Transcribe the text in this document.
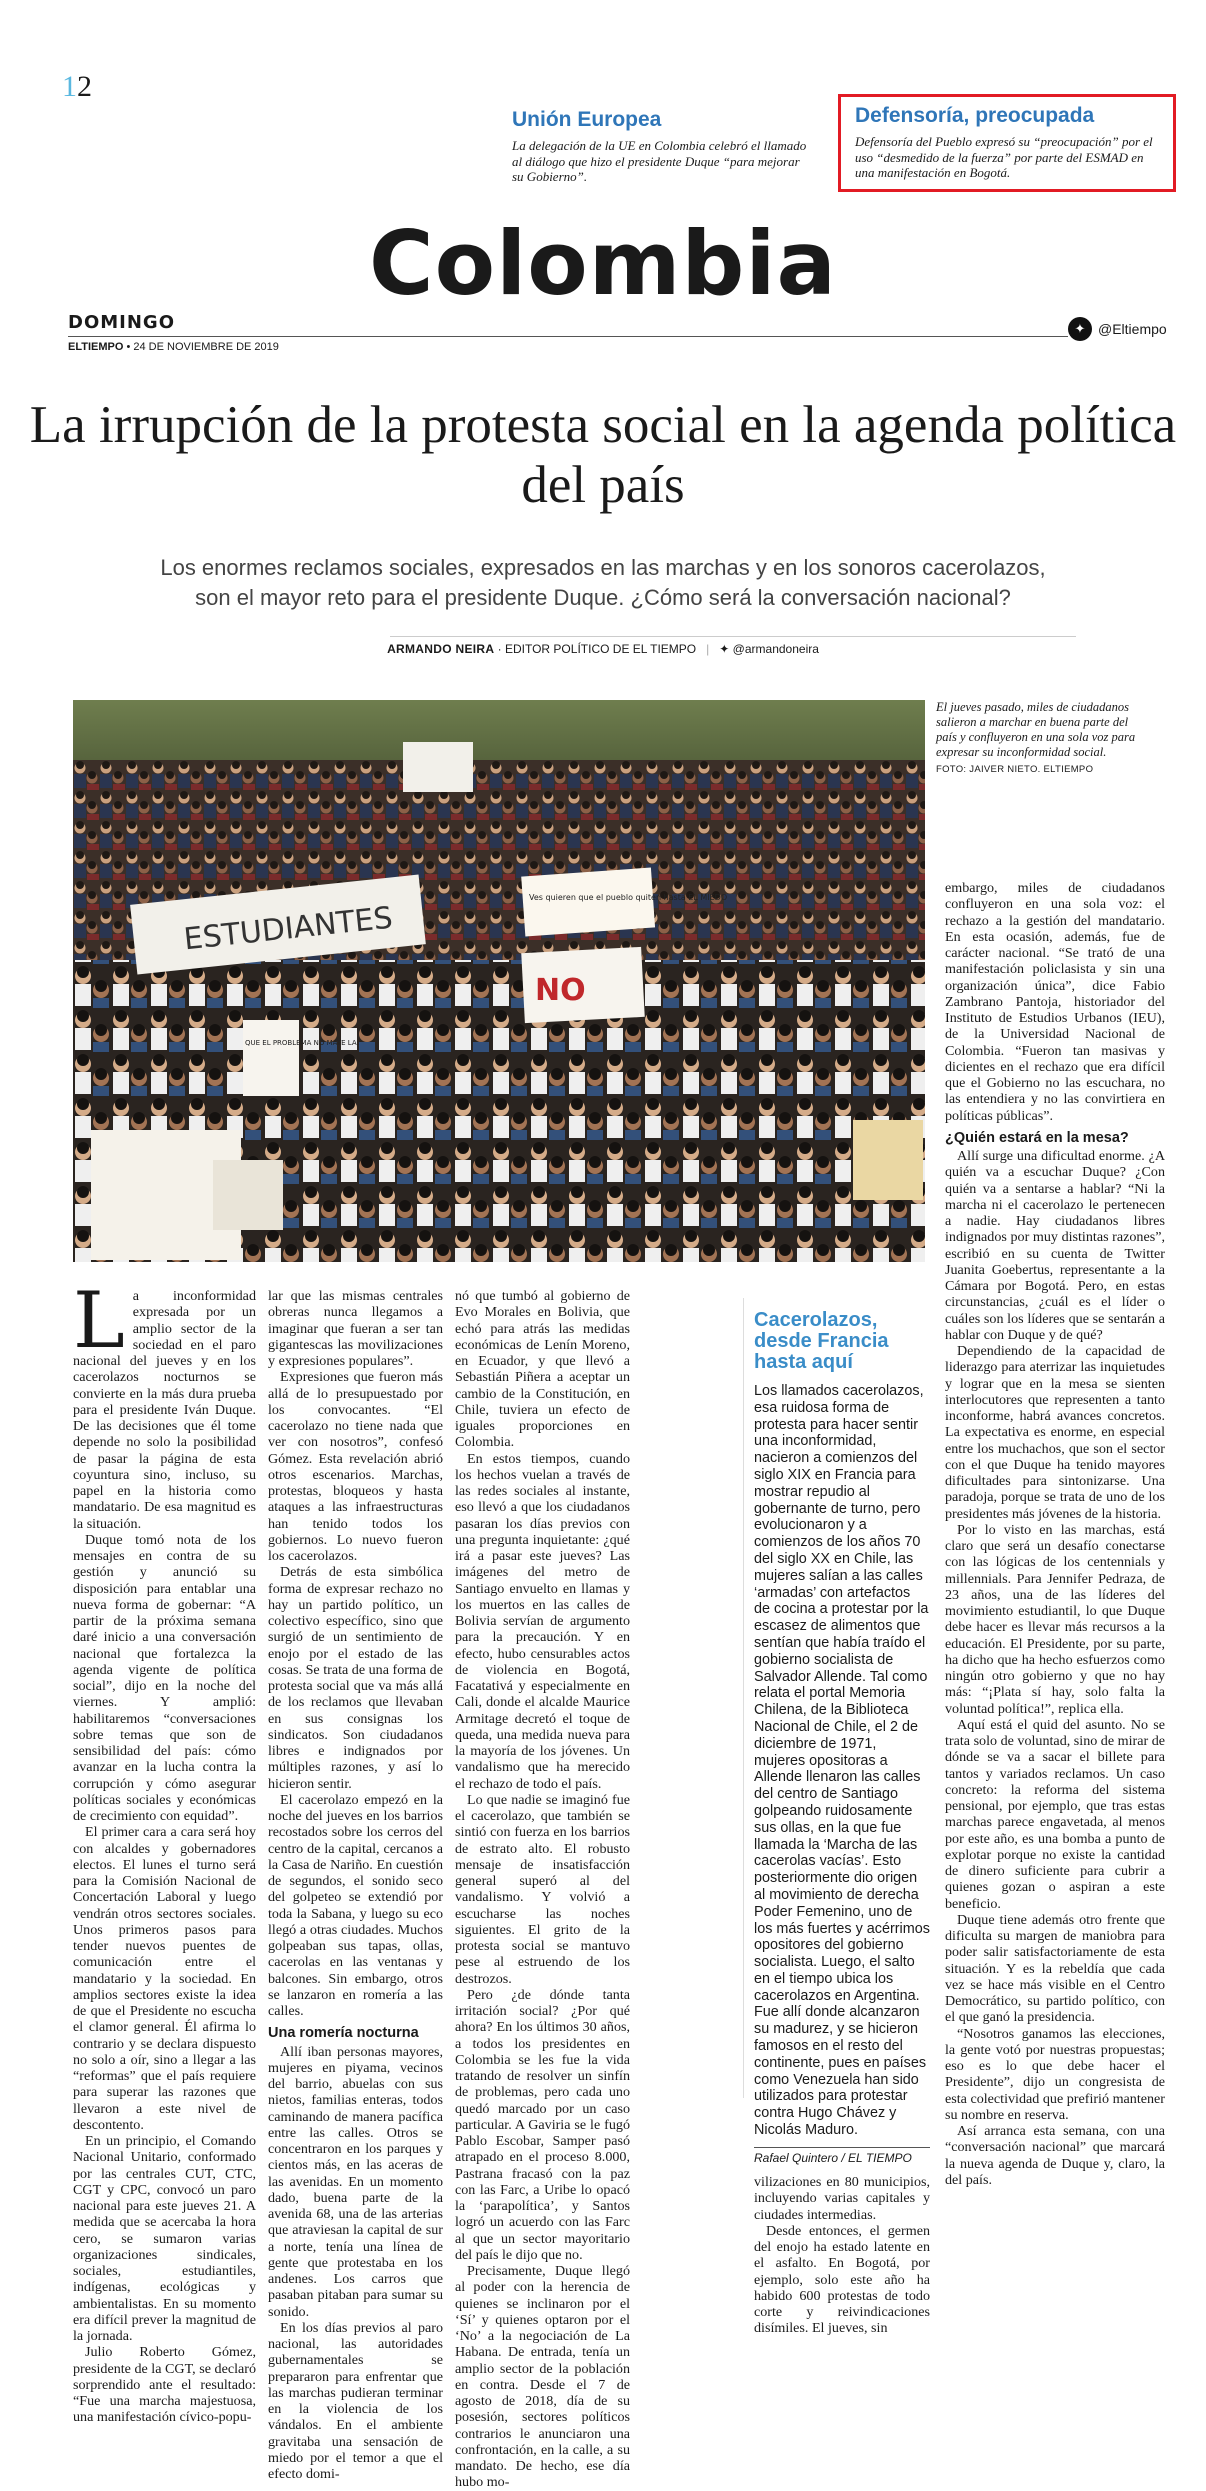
12
Unión Europea

La delegación de la UE en Colombia celebró el llamado al diálogo que hizo el presidente Duque “para mejorar su Gobierno”.

Defensoría, preocupada

Defensoría del Pueblo expresó su “preocupación” por el uso “desmedido de la fuerza” por parte del ESMAD en una manifestación en Bogotá.

Colombia
DOMINGO
ELTIEMPO • 24 DE NOVIEMBRE DE 2019
✦ @Eltiempo
La irrupción de la protesta social en la agenda política del país
Los enormes reclamos sociales, expresados en las marchas y en los sonoros cacerolazos, son el mayor reto para el presidente Duque. ¿Cómo será la conversación nacional?
ARMANDO NEIRA · EDITOR POLÍTICO DE EL TIEMPO | ✦ @armandoneira
ESTUDIANTES
NO
QUE EL PROBLEMA NO MATE LA
Ves quieren que el pueblo quiten hasta EL MIEDO
El jueves pasado, miles de ciudadanos salieron a marchar en buena parte del país y confluyeron en una sola voz para expresar su inconformidad social.
FOTO: JAIVER NIETO. ELTIEMPO

La inconformidad expresada por un amplio sector de la sociedad en el paro nacional del jueves y en los cacerolazos nocturnos se convierte en la más dura prueba para el presidente Iván Duque. De las decisiones que él tome depende no solo la posibilidad de pasar la página de esta coyuntura sino, incluso, su papel en la historia como mandatario. De esa magnitud es la situación.

Duque tomó nota de los mensajes en contra de su gestión y anunció su disposición para entablar una nueva forma de gobernar: “A partir de la próxima semana daré inicio a una conversación nacional que fortalezca la agenda vigente de política social”, dijo en la noche del viernes. Y amplió: habilitaremos “conversaciones sobre temas que son de sensibilidad del país: cómo avanzar en la lucha contra la corrupción y cómo asegurar políticas sociales y económicas de crecimiento con equidad”.

El primer cara a cara será hoy con alcaldes y gobernadores electos. El lunes el turno será para la Comisión Nacional de Concertación Laboral y luego vendrán otros sectores sociales. Unos primeros pasos para tender nuevos puentes de comunicación entre el mandatario y la sociedad. En amplios sectores existe la idea de que el Presidente no escucha el clamor general. Él afirma lo contrario y se declara dispuesto no solo a oír, sino a llegar a las “reformas” que el país requiere para superar las razones que llevaron a este nivel de descontento.

En un principio, el Comando Nacional Unitario, conformado por las centrales CUT, CTC, CGT y CPC, convocó un paro nacional para este jueves 21. A medida que se acercaba la hora cero, se sumaron varias organizaciones sindicales, sociales, estudiantiles, indígenas, ecológicas y ambientalistas. En su momento era difícil prever la magnitud de la jornada.

Julio Roberto Gómez, presidente de la CGT, se declaró sorprendido ante el resultado: “Fue una marcha majestuosa, una manifestación cívico-popu-

lar que las mismas centrales obreras nunca llegamos a imaginar que fueran a ser tan gigantescas las movilizaciones y expresiones populares”.

Expresiones que fueron más allá de lo presupuestado por los convocantes. “El cacerolazo no tiene nada que ver con nosotros”, confesó Gómez. Esta revelación abrió otros escenarios. Marchas, protestas, bloqueos y hasta ataques a las infraestructuras han tenido todos los gobiernos. Lo nuevo fueron los cacerolazos.

Detrás de esta simbólica forma de expresar rechazo no hay un partido político, un colectivo específico, sino que surgió de un sentimiento de enojo por el estado de las cosas. Se trata de una forma de protesta social que va más allá de los reclamos que llevaban en sus consignas los sindicatos. Son ciudadanos libres e indignados por múltiples razones, y así lo hicieron sentir.

El cacerolazo empezó en la noche del jueves en los barrios recostados sobre los cerros del centro de la capital, cercanos a la Casa de Nariño. En cuestión de segundos, el sonido seco del golpeteo se extendió por toda la Sabana, y luego su eco llegó a otras ciudades. Muchos golpeaban sus tapas, ollas, cacerolas en las ventanas y balcones. Sin embargo, otros se lanzaron en romería a las calles.

Una romería nocturna

Allí iban personas mayores, mujeres en piyama, vecinos del barrio, abuelas con sus nietos, familias enteras, todos caminando de manera pacífica entre las calles. Otros se concentraron en los parques y cientos más, en las aceras de las avenidas. En un momento dado, buena parte de la avenida 68, una de las arterias que atraviesan la capital de sur a norte, tenía una línea de gente que protestaba en los andenes. Los carros que pasaban pitaban para sumar su sonido.

En los días previos al paro nacional, las autoridades gubernamentales se prepararon para enfrentar que las marchas pudieran terminar en la violencia de los vándalos. En el ambiente gravitaba una sensación de miedo por el temor a que el efecto domi-

nó que tumbó al gobierno de Evo Morales en Bolivia, que echó para atrás las medidas económicas de Lenín Moreno, en Ecuador, y que llevó a Sebastián Piñera a aceptar un cambio de la Constitución, en Chile, tuviera un efecto de iguales proporciones en Colombia.

En estos tiempos, cuando los hechos vuelan a través de las redes sociales al instante, eso llevó a que los ciudadanos pasaran los días previos con una pregunta inquietante: ¿qué irá a pasar este jueves? Las imágenes del metro de Santiago envuelto en llamas y los muertos en las calles de Bolivia servían de argumento para la precaución. Y en efecto, hubo censurables actos de violencia en Bogotá, Facatativá y especialmente en Cali, donde el alcalde Maurice Armitage decretó el toque de queda, una medida nueva para la mayoría de los jóvenes. Un vandalismo que ha merecido el rechazo de todo el país.

Lo que nadie se imaginó fue el cacerolazo, que también se sintió con fuerza en los barrios de estrato alto. El robusto mensaje de insatisfacción general superó al del vandalismo. Y volvió a escucharse las noches siguientes. El grito de la protesta social se mantuvo pese al estruendo de los destrozos.

Pero ¿de dónde tanta irritación social? ¿Por qué ahora? En los últimos 30 años, a todos los presidentes en Colombia se les fue la vida tratando de resolver un sinfín de problemas, pero cada uno quedó marcado por un caso particular. A Gaviria se le fugó Pablo Escobar, Samper pasó atrapado en el proceso 8.000, Pastrana fracasó con la paz con las Farc, a Uribe lo opacó la ‘parapolítica’, y Santos logró un acuerdo con las Farc al que un sector mayoritario del país le dijo que no.

Precisamente, Duque llegó al poder con la herencia de quienes se inclinaron por el ‘Sí’ y quienes optaron por el ‘No’ a la negociación de La Habana. De entrada, tenía un amplio sector de la población en contra. Desde el 7 de agosto de 2018, día de su posesión, sectores políticos contrarios le anunciaron una confrontación, en la calle, a su mandato. De hecho, ese día hubo mo-

Cacerolazos, desde Francia hasta aquí
Los llamados cacerolazos, esa ruidosa forma de protesta para hacer sentir una inconformidad, nacieron a comienzos del siglo XIX en Francia para mostrar repudio al gobernante de turno, pero evolucionaron y a comienzos de los años 70 del siglo XX en Chile, las mujeres salían a las calles ‘armadas’ con artefactos de cocina a protestar por la escasez de alimentos que sentían que había traído el gobierno socialista de Salvador Allende. Tal como relata el portal Memoria Chilena, de la Biblioteca Nacional de Chile, el 2 de diciembre de 1971, mujeres opositoras a Allende llenaron las calles del centro de Santiago golpeando ruidosamente sus ollas, en la que fue llamada la ‘Marcha de las cacerolas vacías’. Esto posteriormente dio origen al movimiento de derecha Poder Femenino, uno de los más fuertes y acérrimos opositores del gobierno socialista. Luego, el salto en el tiempo ubica los cacerolazos en Argentina. Fue allí donde alcanzaron su madurez, y se hicieron famosos en el resto del continente, pues en países como Venezuela han sido utilizados para protestar contra Hugo Chávez y Nicolás Maduro.
Rafael Quintero / EL TIEMPO

vilizaciones en 80 municipios, incluyendo varias capitales y ciudades intermedias.

Desde entonces, el germen del enojo ha estado latente en el asfalto. En Bogotá, por ejemplo, solo este año ha habido 600 protestas de todo corte y reivindicaciones disímiles. El jueves, sin

embargo, miles de ciudadanos confluyeron en una sola voz: el rechazo a la gestión del mandatario. En esta ocasión, además, fue de carácter nacional. “Se trató de una manifestación policlasista y sin una organización única”, dice Fabio Zambrano Pantoja, historiador del Instituto de Estudios Urbanos (IEU), de la Universidad Nacional de Colombia. “Fueron tan masivas y dicientes en el rechazo que era difícil que el Gobierno no las escuchara, no las entendiera y no las convirtiera en políticas públicas”.

¿Quién estará en la mesa?

Allí surge una dificultad enorme. ¿A quién va a escuchar Duque? ¿Con quién va a sentarse a hablar? “Ni la marcha ni el cacerolazo le pertenecen a nadie. Hay ciudadanos libres indignados por muy distintas razones”, escribió en su cuenta de Twitter Juanita Goebertus, representante a la Cámara por Bogotá. Pero, en estas circunstancias, ¿cuál es el líder o cuáles son los líderes que se sentarán a hablar con Duque y de qué?

Dependiendo de la capacidad de liderazgo para aterrizar las inquietudes y lograr que en la mesa se sienten interlocutores que representen a tanto inconforme, habrá avances concretos. La expectativa es enorme, en especial entre los muchachos, que son el sector con el que Duque ha tenido mayores dificultades para sintonizarse. Una paradoja, porque se trata de uno de los presidentes más jóvenes de la historia.

Por lo visto en las marchas, está claro que será un desafío conectarse con las lógicas de los centennials y millennials. Para Jennifer Pedraza, de 23 años, una de las líderes del movimiento estudiantil, lo que Duque debe hacer es llevar más recursos a la educación. El Presidente, por su parte, ha dicho que ha hecho esfuerzos como ningún otro gobierno y que no hay más: “¡Plata sí hay, solo falta la voluntad política!”, replica ella.

Aquí está el quid del asunto. No se trata solo de voluntad, sino de mirar de dónde se va a sacar el billete para tantos y variados reclamos. Un caso concreto: la reforma del sistema pensional, por ejemplo, que tras estas marchas parece engavetada, al menos por este año, es una bomba a punto de explotar porque no existe la cantidad de dinero suficiente para cubrir a quienes gozan o aspiran a este beneficio.

Duque tiene además otro frente que dificulta su margen de maniobra para poder salir satisfactoriamente de esta situación. Y es la rebeldía que cada vez se hace más visible en el Centro Democrático, su partido político, con el que ganó la presidencia.

“Nosotros ganamos las elecciones, la gente votó por nuestras propuestas; eso es lo que debe hacer el Presidente”, dijo un congresista de esta colectividad que prefirió mantener su nombre en reserva.

Así arranca esta semana, con una “conversación nacional” que marcará la nueva agenda de Duque y, claro, la del país.
